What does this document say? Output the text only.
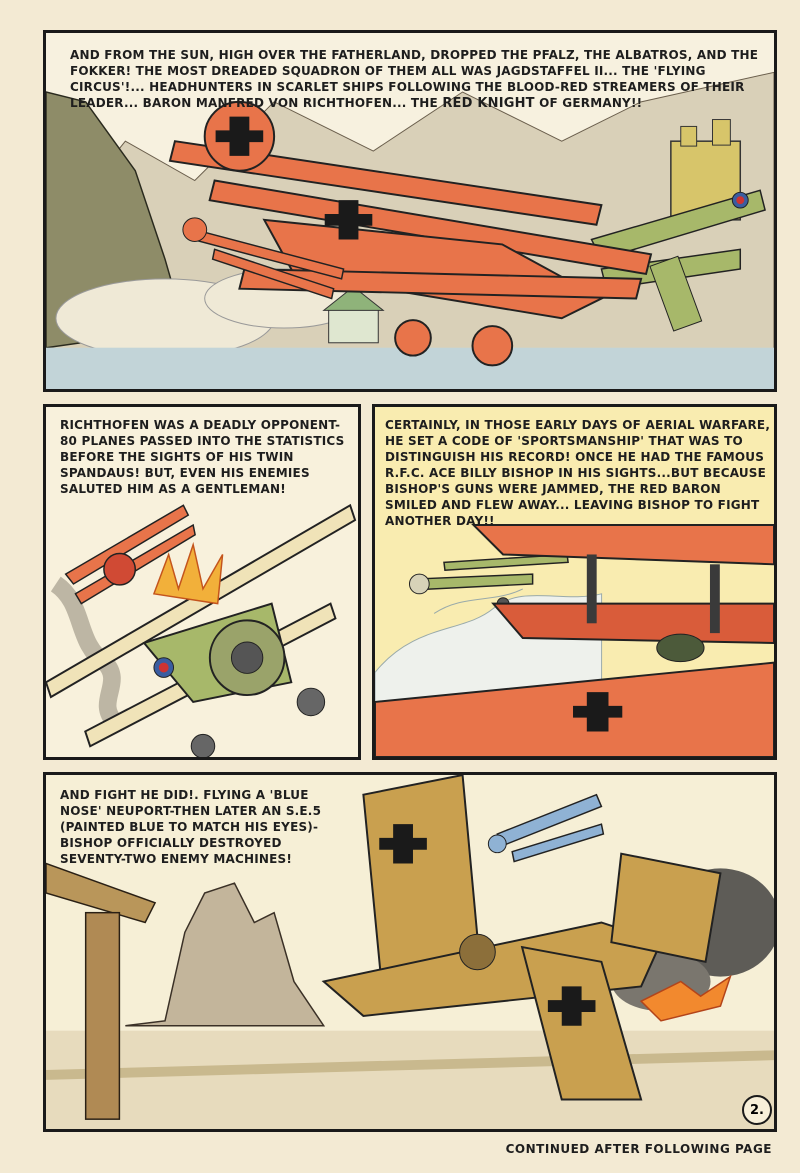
AND FROM THE SUN, HIGH OVER THE FATHERLAND, DROPPED THE PFALZ, THE ALBATROS, AND THE FOKKER! THE MOST DREADED SQUADRON OF THEM ALL WAS JAGDSTAFFEL II... THE 'FLYING CIRCUS'!... HEADHUNTERS IN SCARLET SHIPS FOLLOWING THE BLOOD-RED STREAMERS OF THEIR LEADER... BARON MANFRED VON RICHTHOFEN... THE RED KNIGHT OF GERMANY!!
RICHTHOFEN WAS A DEADLY OPPONENT-80 PLANES PASSED INTO THE STATISTICS BEFORE THE SIGHTS OF HIS TWIN SPANDAUS! BUT, EVEN HIS ENEMIES SALUTED HIM AS A GENTLEMAN!
CERTAINLY, IN THOSE EARLY DAYS OF AERIAL WARFARE, HE SET A CODE OF 'SPORTSMANSHIP' THAT WAS TO DISTINGUISH HIS RECORD! ONCE HE HAD THE FAMOUS R.F.C. ACE BILLY BISHOP IN HIS SIGHTS...BUT BECAUSE BISHOP'S GUNS WERE JAMMED, THE RED BARON SMILED AND FLEW AWAY... LEAVING BISHOP TO FIGHT ANOTHER DAY!!
AND FIGHT HE DID!. FLYING A 'BLUE NOSE' NEUPORT-THEN LATER AN S.E.5 (PAINTED BLUE TO MATCH HIS EYES)-BISHOP OFFICIALLY DESTROYED SEVENTY-TWO ENEMY MACHINES!
2.
CONTINUED AFTER FOLLOWING PAGE
